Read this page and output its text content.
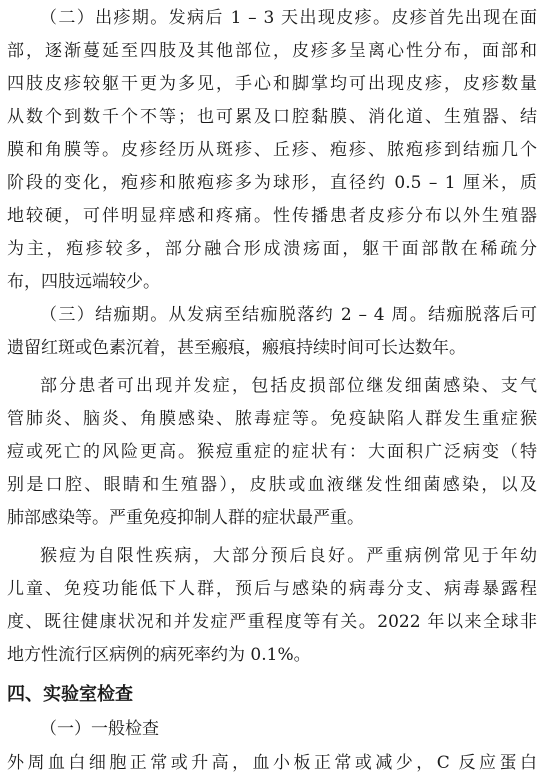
（二）出疹期。发病后 1 – 3 天出现皮疹。皮疹首先出现在面
部，逐渐蔓延至四肢及其他部位，皮疹多呈离心性分布，面部和
四肢皮疹较躯干更为多见，手心和脚掌均可出现皮疹，皮疹数量
从数个到数千个不等；也可累及口腔黏膜、消化道、生殖器、结
膜和角膜等。皮疹经历从斑疹、丘疹、疱疹、脓疱疹到结痂几个
阶段的变化，疱疹和脓疱疹多为球形，直径约 0.5 – 1 厘米，质
地较硬，可伴明显痒感和疼痛。性传播患者皮疹分布以外生殖器
为主，疱疹较多，部分融合形成溃疡面，躯干面部散在稀疏分
布，四肢远端较少。
（三）结痂期。从发病至结痂脱落约 2 – 4 周。结痂脱落后可
遗留红斑或色素沉着，甚至瘢痕，瘢痕持续时间可长达数年。
部分患者可出现并发症，包括皮损部位继发细菌感染、支气
管肺炎、脑炎、角膜感染、脓毒症等。免疫缺陷人群发生重症猴
痘或死亡的风险更高。猴痘重症的症状有：大面积广泛病变（特
别是口腔、眼睛和生殖器），皮肤或血液继发性细菌感染，以及
肺部感染等。严重免疫抑制人群的症状最严重。
猴痘为自限性疾病，大部分预后良好。严重病例常见于年幼
儿童、免疫功能低下人群，预后与感染的病毒分支、病毒暴露程
度、既往健康状况和并发症严重程度等有关。2022 年以来全球非
地方性流行区病例的病死率约为 0.1%。
四、实验室检查
（一）一般检查
外周血白细胞正常或升高，血小板正常或减少，C 反应蛋白
